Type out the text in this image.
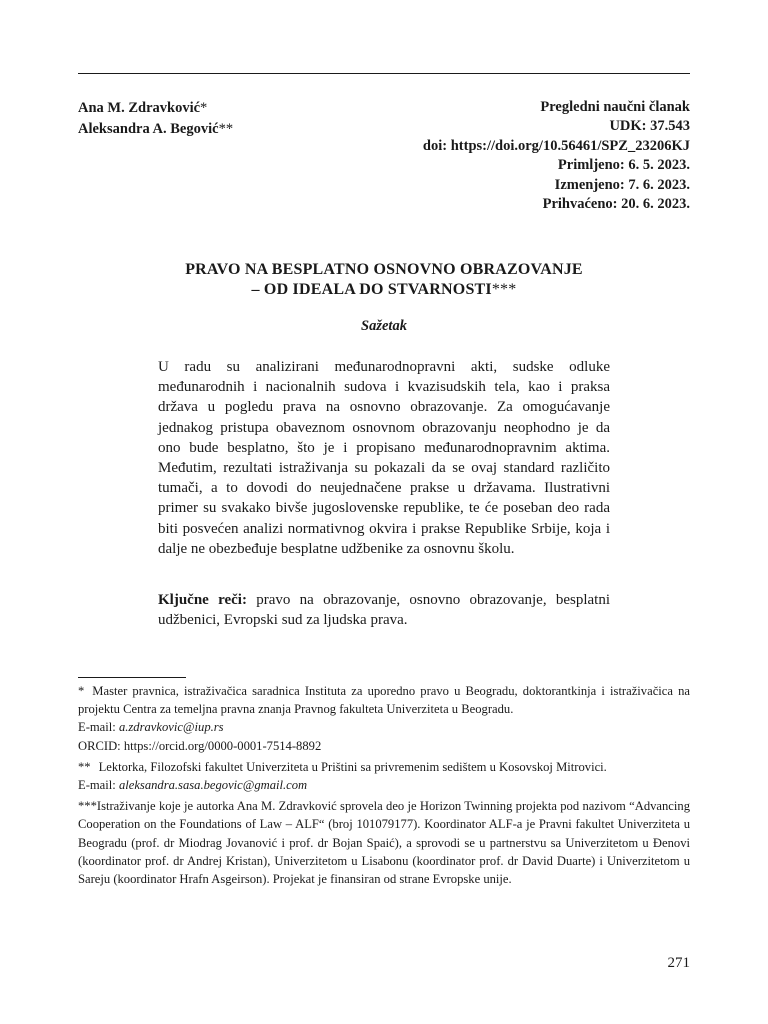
Ana M. Zdravković*
Aleksandra A. Begović**
Pregledni naučni članak
UDK: 37.543
doi: https://doi.org/10.56461/SPZ_23206KJ
Primljeno: 6. 5. 2023.
Izmenjeno: 7. 6. 2023.
Prihvaćeno: 20. 6. 2023.
PRAVO NA BESPLATNO OSNOVNO OBRAZOVANJE
– OD IDEALA DO STVARNOSTI***
Sažetak

U radu su analizirani međunarodnopravni akti, sudske odluke međunarodnih i nacionalnih sudova i kvazisudskih tela, kao i praksa država u pogledu prava na osnovno obrazovanje. Za omogućavanje jednakog pristupa obaveznom osnovnom obrazovanju neophodno je da ono bude besplatno, što je i propisano međunarodnopravnim aktima. Međutim, rezultati istraživanja su pokazali da se ovaj standard različito tumači, a to dovodi do neujednačene prakse u državama. Ilustrativni primer su svakako bivše jugoslovenske republike, te će poseban deo rada biti posvećen analizi normativnog okvira i prakse Republike Srbije, koja i dalje ne obezbeđuje besplatne udžbenike za osnovnu školu.

Ključne reči: pravo na obrazovanje, osnovno obrazovanje, besplatni udžbenici, Evropski sud za ljudska prava.

* Master pravnica, istraživačica saradnica Instituta za uporedno pravo u Beogradu, doktorantkinja i istraživačica na projektu Centra za temeljna pravna znanja Pravnog fakulteta Univerziteta u Beogradu.
E-mail: a.zdravkovic@iup.rs
ORCID: https://orcid.org/0000-0001-7514-8892

** Lektorka, Filozofski fakultet Univerziteta u Prištini sa privremenim sedištem u Kosovskoj Mitrovici.
E-mail: aleksandra.sasa.begovic@gmail.com

***Istraživanje koje je autorka Ana M. Zdravković sprovela deo je Horizon Twinning projekta pod nazivom “Advancing Cooperation on the Foundations of Law – ALF“ (broj 101079177). Koordinator ALF-a je Pravni fakultet Univerziteta u Beogradu (prof. dr Miodrag Jovanović i prof. dr Bojan Spaić), a sprovodi se u partnerstvu sa Univerzitetom u Đenovi (koordinator prof. dr Andrej Kristan), Univerzitetom u Lisabonu (koordinator prof. dr David Duarte) i Univerzitetom u Sareju (koordinator Hrafn Asgeirson). Projekat je finansiran od strane Evropske unije.

271
